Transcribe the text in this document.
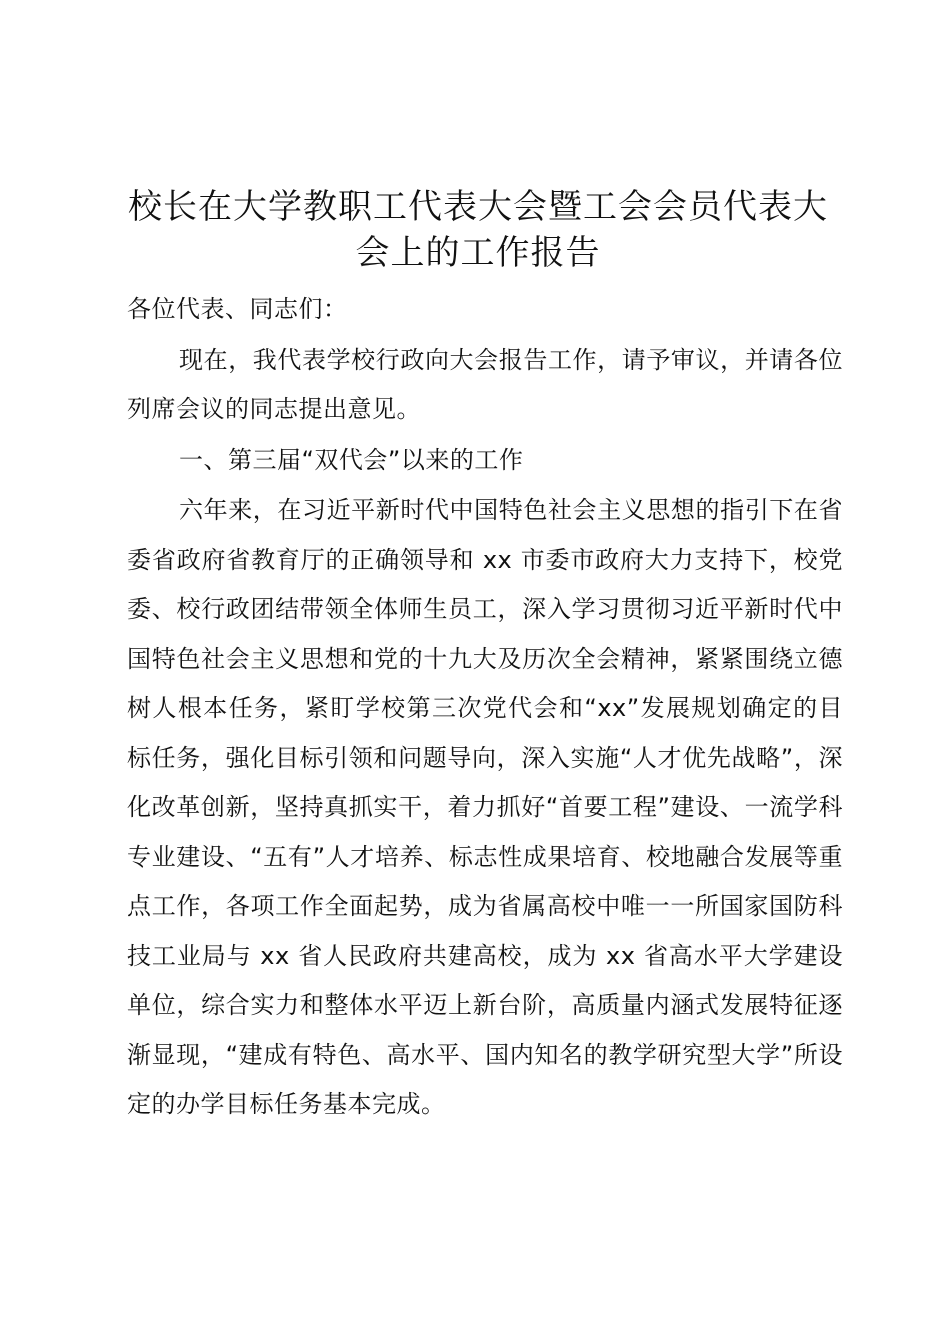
校长在大学教职工代表大会暨工会会员代表大会上的工作报告

各位代表、同志们：

现在，我代表学校行政向大会报告工作，请予审议，并请各位列席会议的同志提出意见。

一、第三届“双代会”以来的工作

六年来，在习近平新时代中国特色社会主义思想的指引下在省委省政府省教育厅的正确领导和 xx 市委市政府大力支持下，校党委、校行政团结带领全体师生员工，深入学习贯彻习近平新时代中国特色社会主义思想和党的十九大及历次全会精神，紧紧围绕立德树人根本任务，紧盯学校第三次党代会和“xx”发展规划确定的目标任务，强化目标引领和问题导向，深入实施“人才优先战略”，深化改革创新，坚持真抓实干，着力抓好“首要工程”建设、一流学科专业建设、“五有”人才培养、标志性成果培育、校地融合发展等重点工作，各项工作全面起势，成为省属高校中唯一一所国家国防科技工业局与 xx 省人民政府共建高校，成为 xx 省高水平大学建设单位，综合实力和整体水平迈上新台阶，高质量内涵式发展特征逐渐显现，“建成有特色、高水平、国内知名的教学研究型大学”所设定的办学目标任务基本完成。
